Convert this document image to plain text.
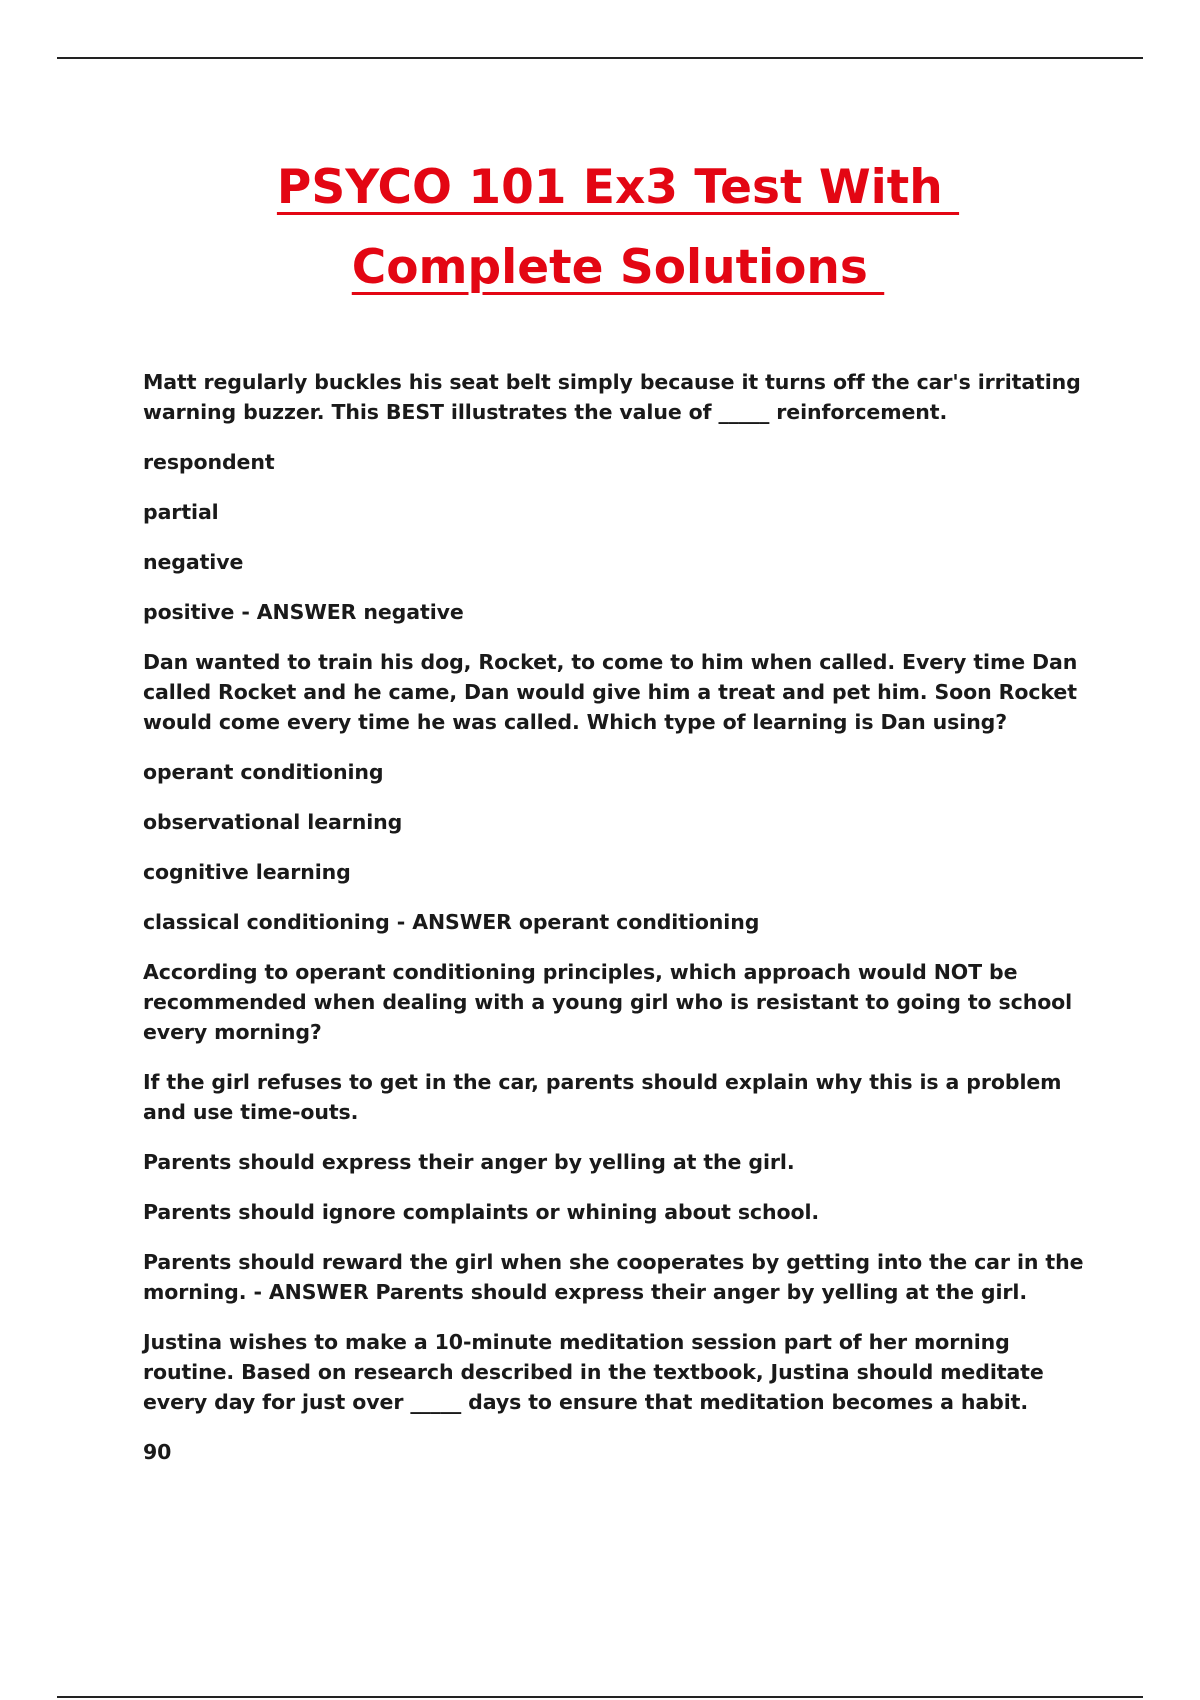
PSYCO 101 Ex3 Test With
Complete Solutions

Matt regularly buckles his seat belt simply because it turns off the car's irritating warning buzzer. This BEST illustrates the value of _____ reinforcement.

respondent

partial

negative

positive - ANSWER negative

Dan wanted to train his dog, Rocket, to come to him when called. Every time Dan called Rocket and he came, Dan would give him a treat and pet him. Soon Rocket would come every time he was called. Which type of learning is Dan using?

operant conditioning

observational learning

cognitive learning

classical conditioning - ANSWER operant conditioning

According to operant conditioning principles, which approach would NOT be recommended when dealing with a young girl who is resistant to going to school every morning?

If the girl refuses to get in the car, parents should explain why this is a problem and use time-outs.

Parents should express their anger by yelling at the girl.

Parents should ignore complaints or whining about school.

Parents should reward the girl when she cooperates by getting into the car in the morning. - ANSWER Parents should express their anger by yelling at the girl.

Justina wishes to make a 10-minute meditation session part of her morning routine. Based on research described in the textbook, Justina should meditate every day for just over _____ days to ensure that meditation becomes a habit.

90
